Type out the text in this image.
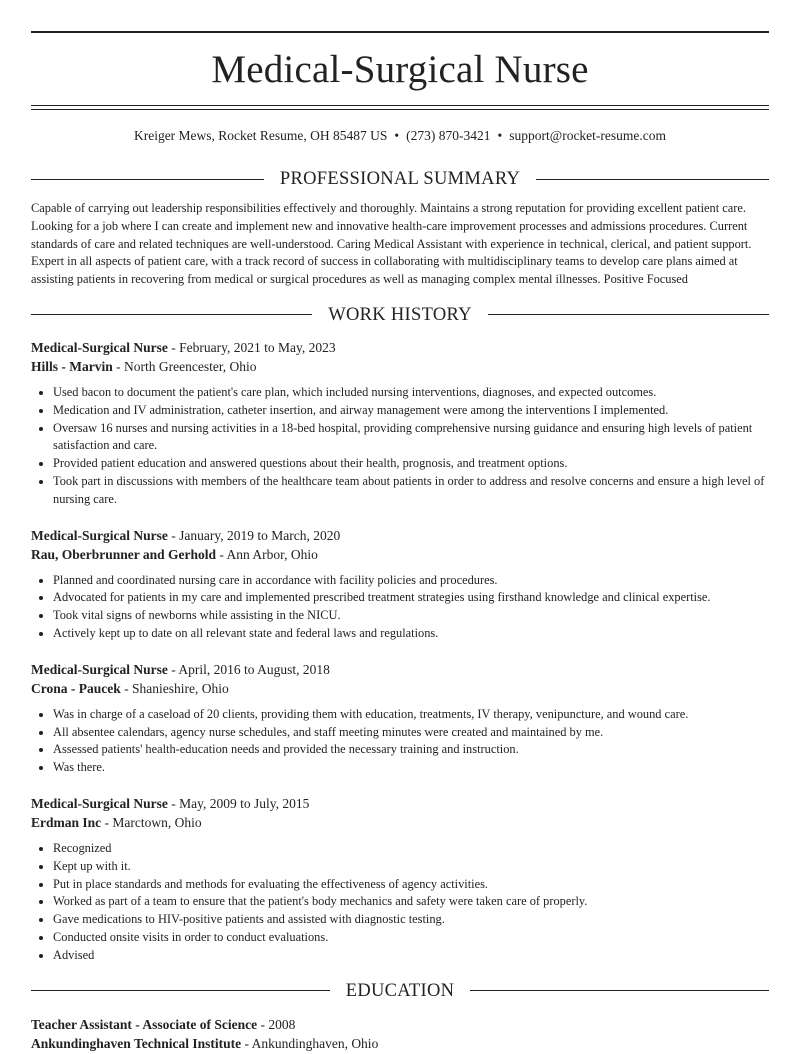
Medical-Surgical Nurse
Kreiger Mews, Rocket Resume, OH 85487 US • (273) 870-3421 • support@rocket-resume.com
PROFESSIONAL SUMMARY
Capable of carrying out leadership responsibilities effectively and thoroughly. Maintains a strong reputation for providing excellent patient care. Looking for a job where I can create and implement new and innovative health-care improvement processes and admissions procedures. Current standards of care and related techniques are well-understood. Caring Medical Assistant with experience in technical, clerical, and patient support. Expert in all aspects of patient care, with a track record of success in collaborating with multidisciplinary teams to develop care plans aimed at assisting patients in recovering from medical or surgical procedures as well as managing complex mental illnesses. Positive Focused
WORK HISTORY
Medical-Surgical Nurse - February, 2021 to May, 2023
Hills - Marvin - North Greencester, Ohio
• Used bacon to document the patient's care plan, which included nursing interventions, diagnoses, and expected outcomes.
• Medication and IV administration, catheter insertion, and airway management were among the interventions I implemented.
• Oversaw 16 nurses and nursing activities in a 18-bed hospital, providing comprehensive nursing guidance and ensuring high levels of patient satisfaction and care.
• Provided patient education and answered questions about their health, prognosis, and treatment options.
• Took part in discussions with members of the healthcare team about patients in order to address and resolve concerns and ensure a high level of nursing care.
Medical-Surgical Nurse - January, 2019 to March, 2020
Rau, Oberbrunner and Gerhold - Ann Arbor, Ohio
• Planned and coordinated nursing care in accordance with facility policies and procedures.
• Advocated for patients in my care and implemented prescribed treatment strategies using firsthand knowledge and clinical expertise.
• Took vital signs of newborns while assisting in the NICU.
• Actively kept up to date on all relevant state and federal laws and regulations.
Medical-Surgical Nurse - April, 2016 to August, 2018
Crona - Paucek - Shanieshire, Ohio
• Was in charge of a caseload of 20 clients, providing them with education, treatments, IV therapy, venipuncture, and wound care.
• All absentee calendars, agency nurse schedules, and staff meeting minutes were created and maintained by me.
• Assessed patients' health-education needs and provided the necessary training and instruction.
• Was there.
Medical-Surgical Nurse - May, 2009 to July, 2015
Erdman Inc - Marctown, Ohio
• Recognized
• Kept up with it.
• Put in place standards and methods for evaluating the effectiveness of agency activities.
• Worked as part of a team to ensure that the patient's body mechanics and safety were taken care of properly.
• Gave medications to HIV-positive patients and assisted with diagnostic testing.
• Conducted onsite visits in order to conduct evaluations.
• Advised
EDUCATION
Teacher Assistant - Associate of Science - 2008
Ankundinghaven Technical Institute - Ankundinghaven, Ohio
